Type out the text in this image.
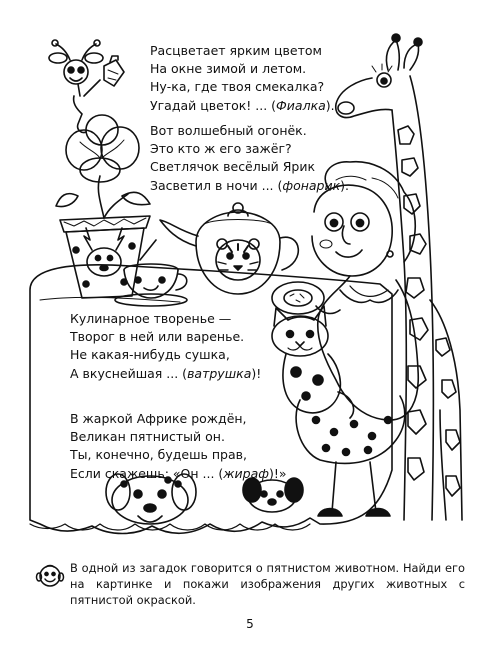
Расцветает ярким цветом
На окне зимой и летом.
Ну-ка, где твоя смекалка?
Угадай цветок! ... (Фиалка).
Вот волшебный огонёк.
Это кто ж его зажёг?
Светлячок весёлый Ярик
Засветил в ночи ... (фонарик).
Кулинарное творенье —
Творог в ней или варенье.
Не какая-нибудь сушка,
А вкуснейшая ... (ватрушка)!
В жаркой Африке рождён,
Великан пятнистый он.
Ты, конечно, будешь прав,
Если скажешь: «Он ... (жираф)!»
В одной из загадок говорится о пятнистом животном. Найди его на картинке и покажи изображения других животных с пятнистой окраской.
5
